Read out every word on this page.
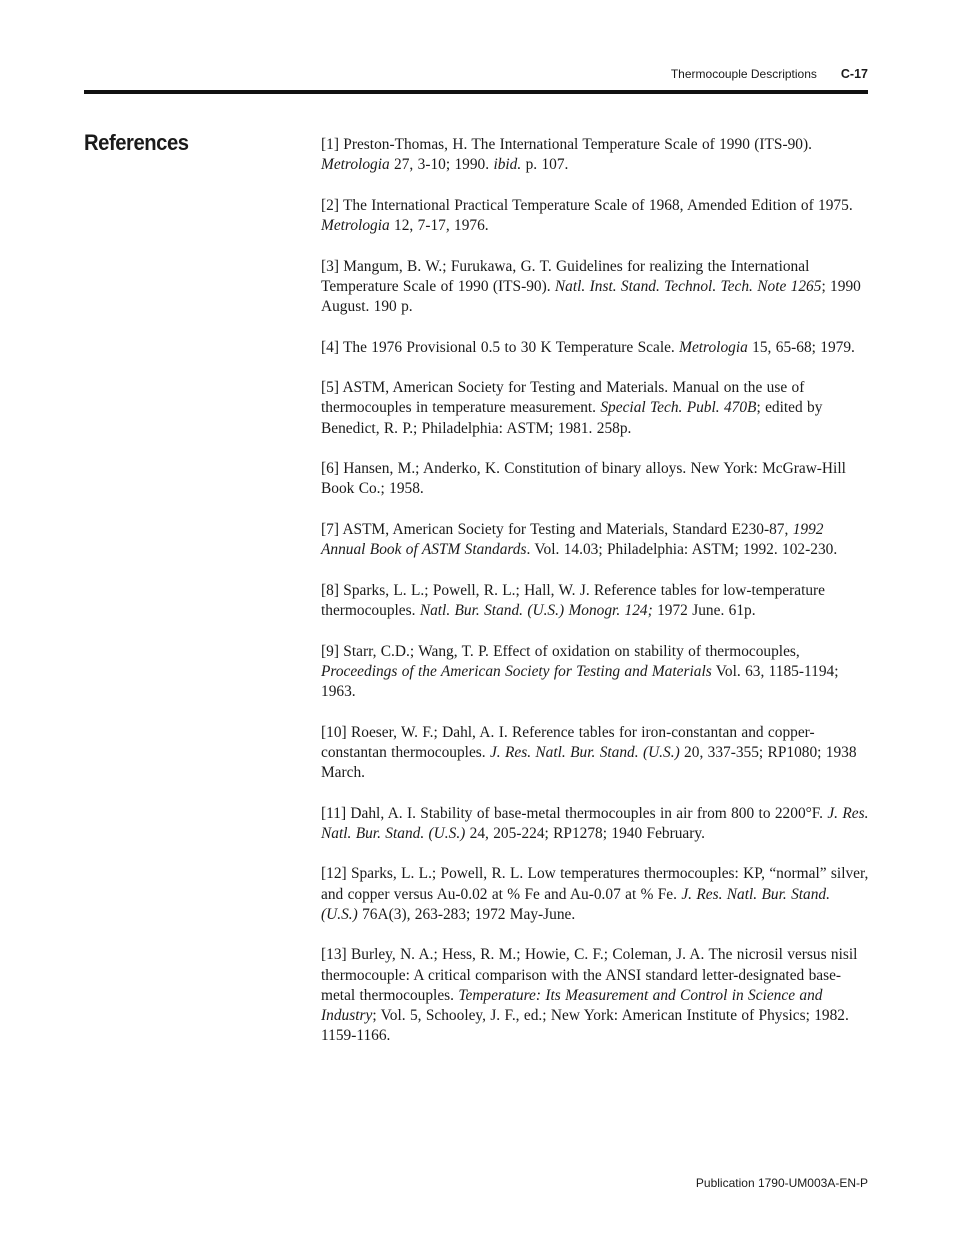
Thermocouple Descriptions C-17
References	[1] Preston-Thomas, H. The International Temperature Scale of 1990 (ITS-90). Metrologia 27, 3-10; 1990. ibid. p. 107.

[2] The International Practical Temperature Scale of 1968, Amended Edition of 1975. Metrologia 12, 7-17, 1976.

[3] Mangum, B. W.; Furukawa, G. T. Guidelines for realizing the International Temperature Scale of 1990 (ITS-90). Natl. Inst. Stand. Technol. Tech. Note 1265; 1990 August. 190 p.

[4] The 1976 Provisional 0.5 to 30 K Temperature Scale. Metrologia 15, 65-68; 1979.

[5] ASTM, American Society for Testing and Materials. Manual on the use of thermocouples in temperature measurement. Special Tech. Publ. 470B; edited by Benedict, R. P.; Philadelphia: ASTM; 1981. 258p.

[6] Hansen, M.; Anderko, K. Constitution of binary alloys. New York: McGraw-Hill Book Co.; 1958.

[7] ASTM, American Society for Testing and Materials, Standard E230-87, 1992 Annual Book of ASTM Standards. Vol. 14.03; Philadelphia: ASTM; 1992. 102-230.

[8] Sparks, L. L.; Powell, R. L.; Hall, W. J. Reference tables for low-temperature thermocouples. Natl. Bur. Stand. (U.S.) Monogr. 124; 1972 June. 61p.

[9] Starr, C.D.; Wang, T. P. Effect of oxidation on stability of thermocouples, Proceedings of the American Society for Testing and Materials Vol. 63, 1185-1194; 1963.

[10] Roeser, W. F.; Dahl, A. I. Reference tables for iron-constantan and copper-constantan thermocouples. J. Res. Natl. Bur. Stand. (U.S.) 20, 337-355; RP1080; 1938 March.

[11] Dahl, A. I. Stability of base-metal thermocouples in air from 800 to 2200°F. J. Res. Natl. Bur. Stand. (U.S.) 24, 205-224; RP1278; 1940 February.

[12] Sparks, L. L.; Powell, R. L. Low temperatures thermocouples: KP, “normal” silver, and copper versus Au-0.02 at % Fe and Au-0.07 at % Fe. J. Res. Natl. Bur. Stand. (U.S.) 76A(3), 263-283; 1972 May-June.

[13] Burley, N. A.; Hess, R. M.; Howie, C. F.; Coleman, J. A. The nicrosil versus nisil thermocouple: A critical comparison with the ANSI standard letter-designated base-metal thermocouples. Temperature: Its Measurement and Control in Science and Industry; Vol. 5, Schooley, J. F., ed.; New York: American Institute of Physics; 1982. 1159-1166.

Publication 1790-UM003A-EN-P
